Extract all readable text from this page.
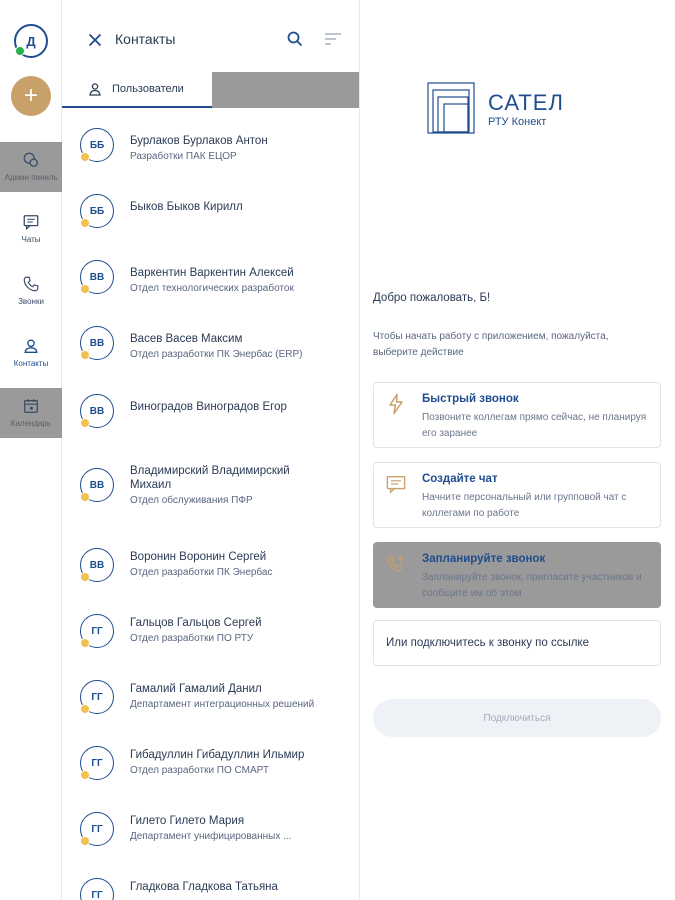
Д
+
Админ панель
Чаты
Звонки
Контакты
Календарь
Контакты
Пользователи
ББ Бурлаков Бурлаков Антон
Разработки ПАК ЕЦОР
ББ Быков Быков Кирилл
ВВ Варкентин Варкентин Алексей
Отдел технологических разработок
ВВ Васев Васев Максим
Отдел разработки ПК Энербас (ERP)
ВВ Виноградов Виноградов Егор
ВВ
Владимирский Владимирский Михаил
Отдел обслуживания ПФР
ВВ
Воронин Воронин Сергей
Отдел разработки ПК Энербас
ГГ
Гальцов Гальцов Сергей
Отдел разработки ПО РТУ
ГГ
Гамалий Гамалий Данил
Департамент интеграционных решений
ГГ
Гибадуллин Гибадуллин Ильмир
Отдел разработки ПО СМАРТ
ГГ
Гилето Гилето Мария
Департамент унифицированных ...
ГГ
Гладкова Гладкова Татьяна
САТЕЛ
РТУ Конект

Добро пожаловать, Б!

Чтобы начать работу с приложением, пожалуйста, выберите действие

Быстрый звонок
Позвоните коллегам прямо сейчас, не планируя его заранее
Создайте чат
Начните персональный или групповой чат с коллегами по работе
Запланируйте звонок
Запланируйте звонок, пригласите участников и сообщите им об этом
Или подключитесь к звонку по ссылке
Подключиться
